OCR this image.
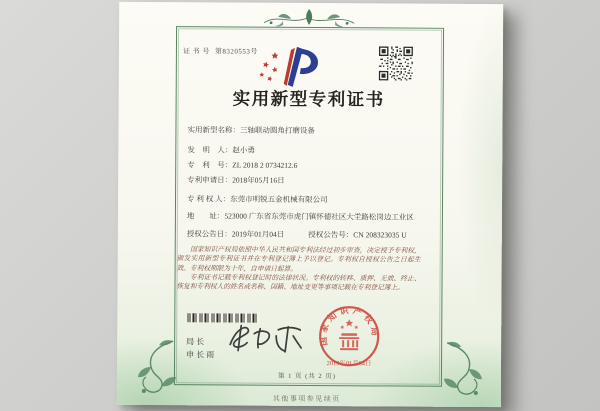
证 书 号 第8320553号
实用新型专利证书
实用新型名称： 三轴联动圆角打磨设备
发　明　人： 赵小勇
专　利　号： ZL 2018 2 0734212.6
专利申请日： 2018年05月16日
专 利 权 人： 东莞市明锐五金机械有限公司
地　　址： 523000 广东省东莞市虎门镇怀德社区大坣路松岗边工业区
授权公告日： 2019年01月04日	授权公告号： CN 208323035 U

国家知识产权局依照中华人民共和国专利法经过初步审查，决定授予专利权，颁发实用新型专利证书并在专利登记簿上予以登记。专利权自授权公告之日起生效。专利权期限为十年，自申请日起算。

专利证书记载专利权登记时的法律状况。专利权的转移、质押、无效、终止、恢复和专利权人的姓名或名称、国籍、地址变更等事项记载在专利登记簿上。

局长
申长雨
国家知识产权局
2019年01月04日
第 1 页 (共 2 页)
其他事项参见续页
